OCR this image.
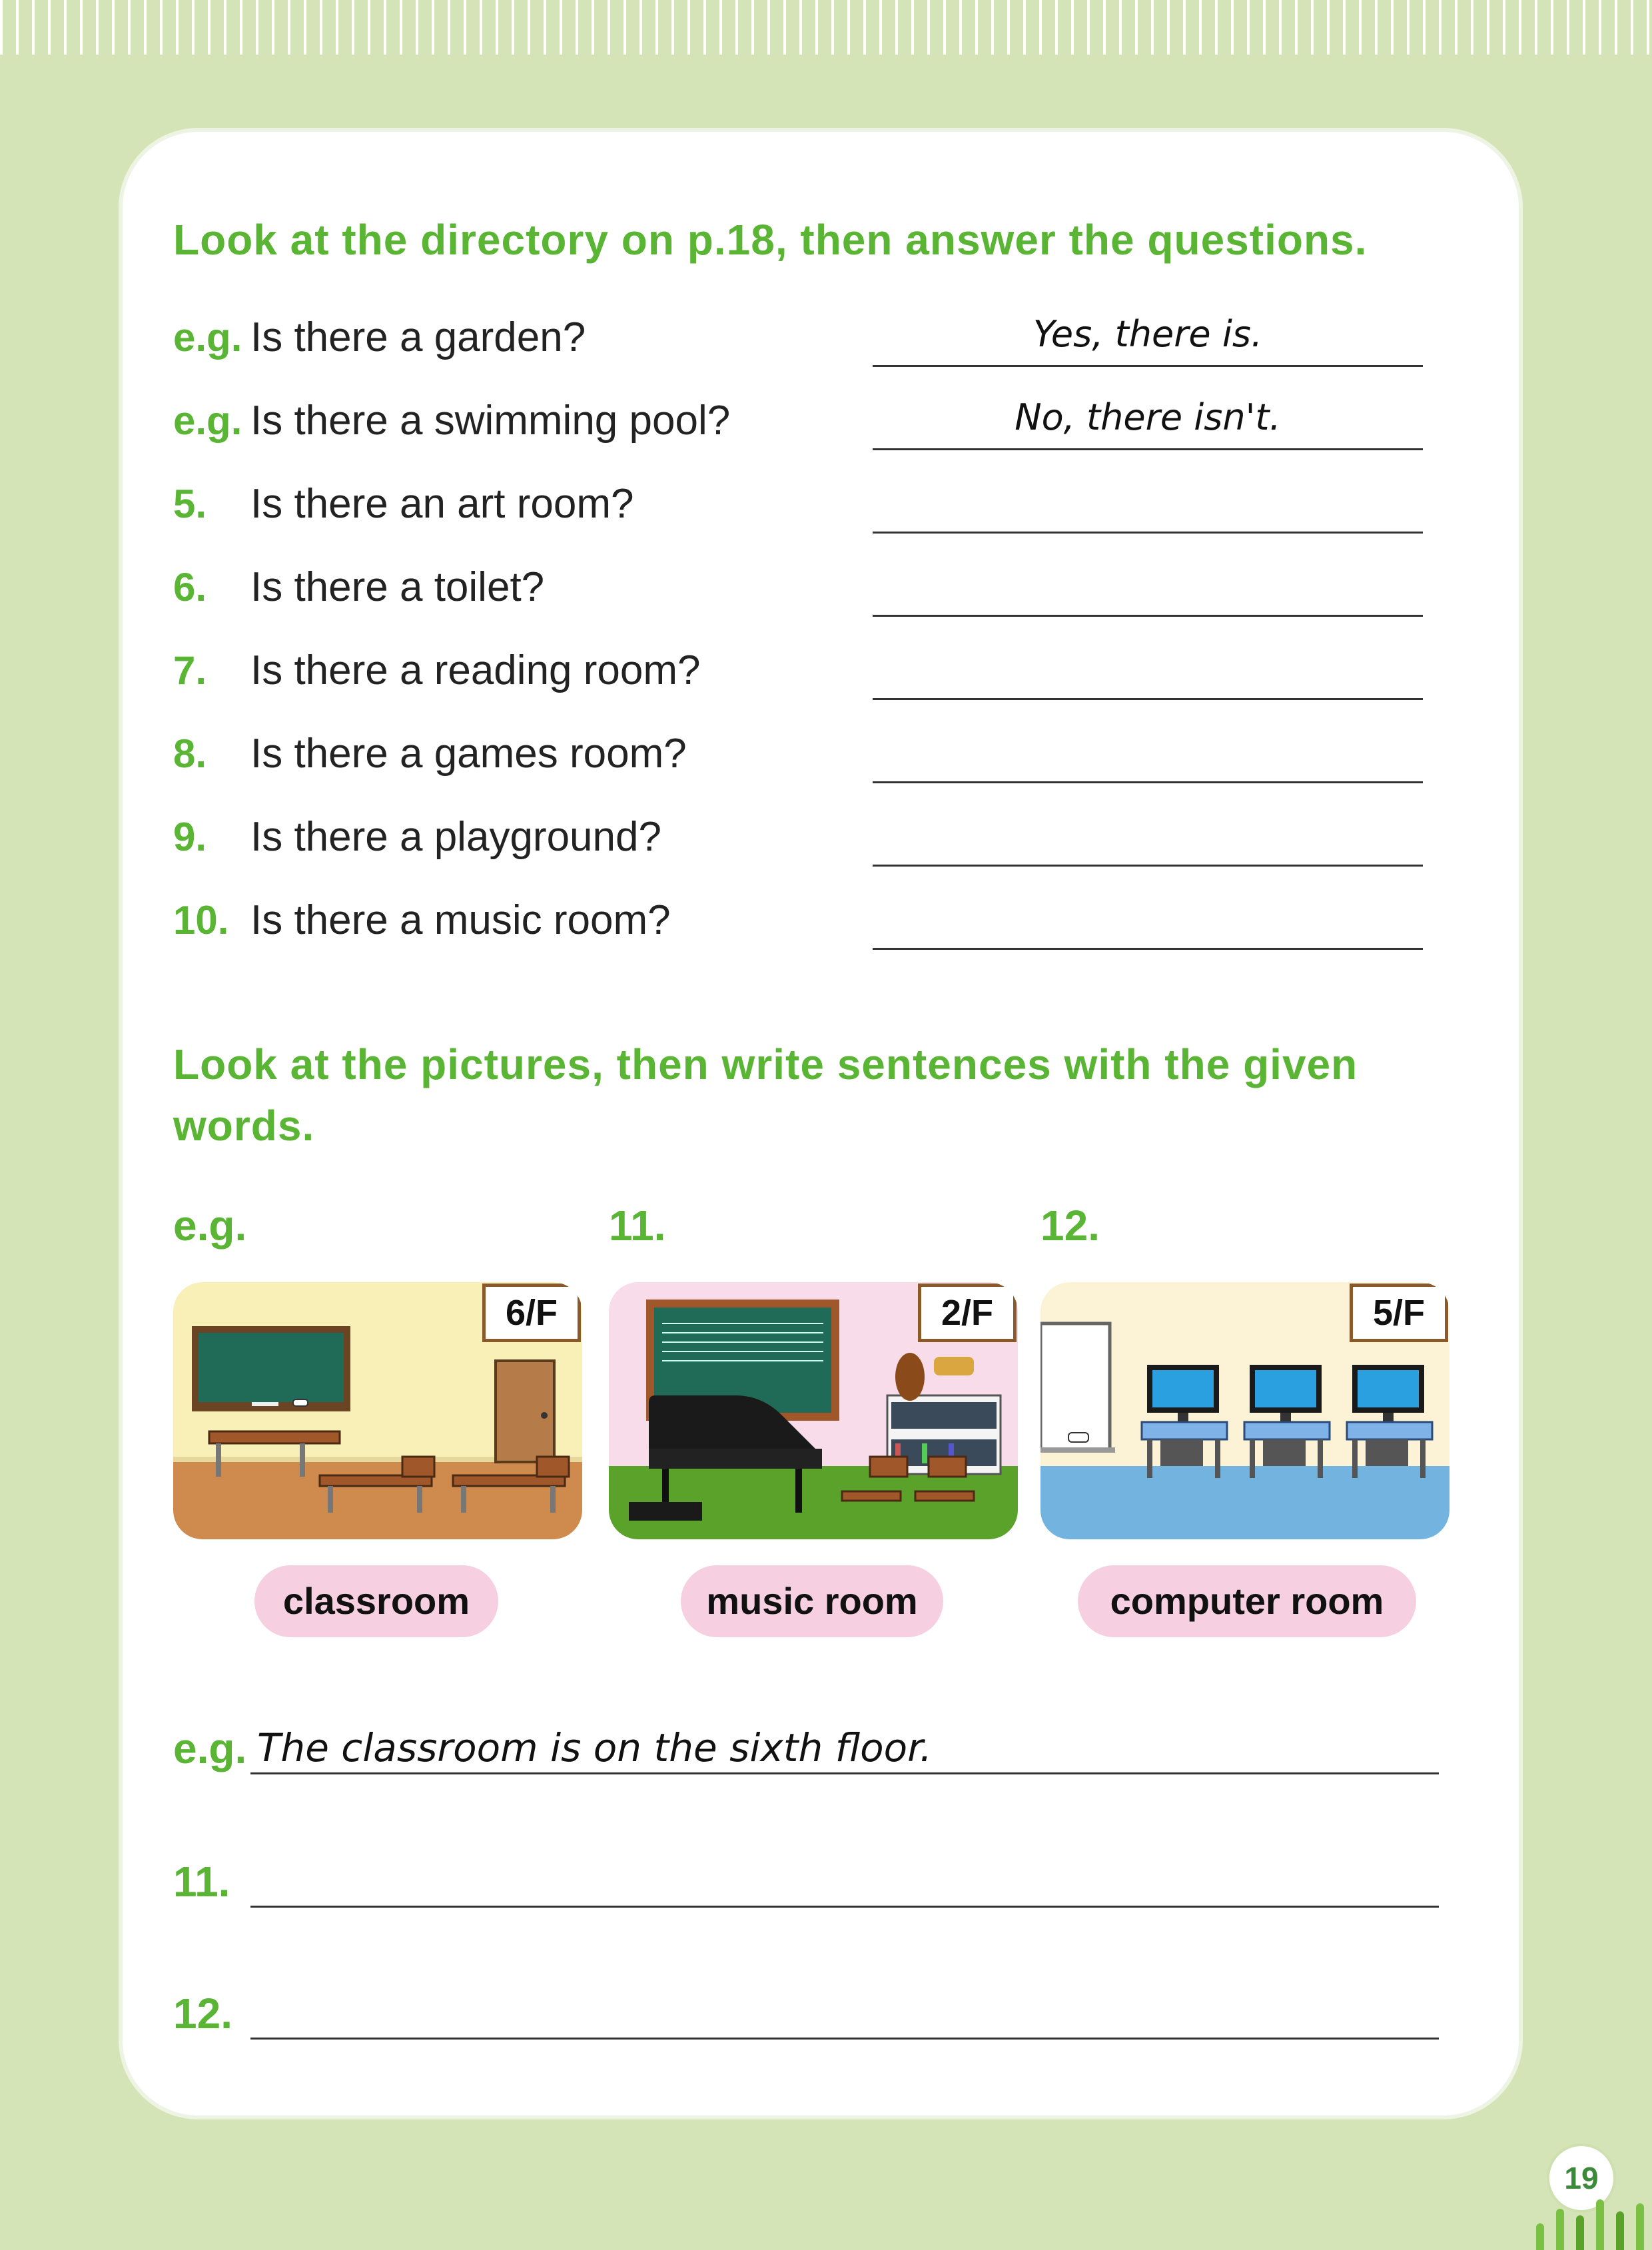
Look at the directory on p.18, then answer the questions.
e.g. Is there a garden?	Yes, there is.
e.g. Is there a swimming pool?	No, there isn't.
5. Is there an art room?
6. Is there a toilet?
7. Is there a reading room?
8. Is there a games room?
9. Is there a playground?
10. Is there a music room?
Look at the pictures, then write sentences with the given
words.
e.g.	11.	12.
6/F	2/F	5/F
classroom	music room	computer room
e.g. The classroom is on the sixth floor.
11.
12.
19
